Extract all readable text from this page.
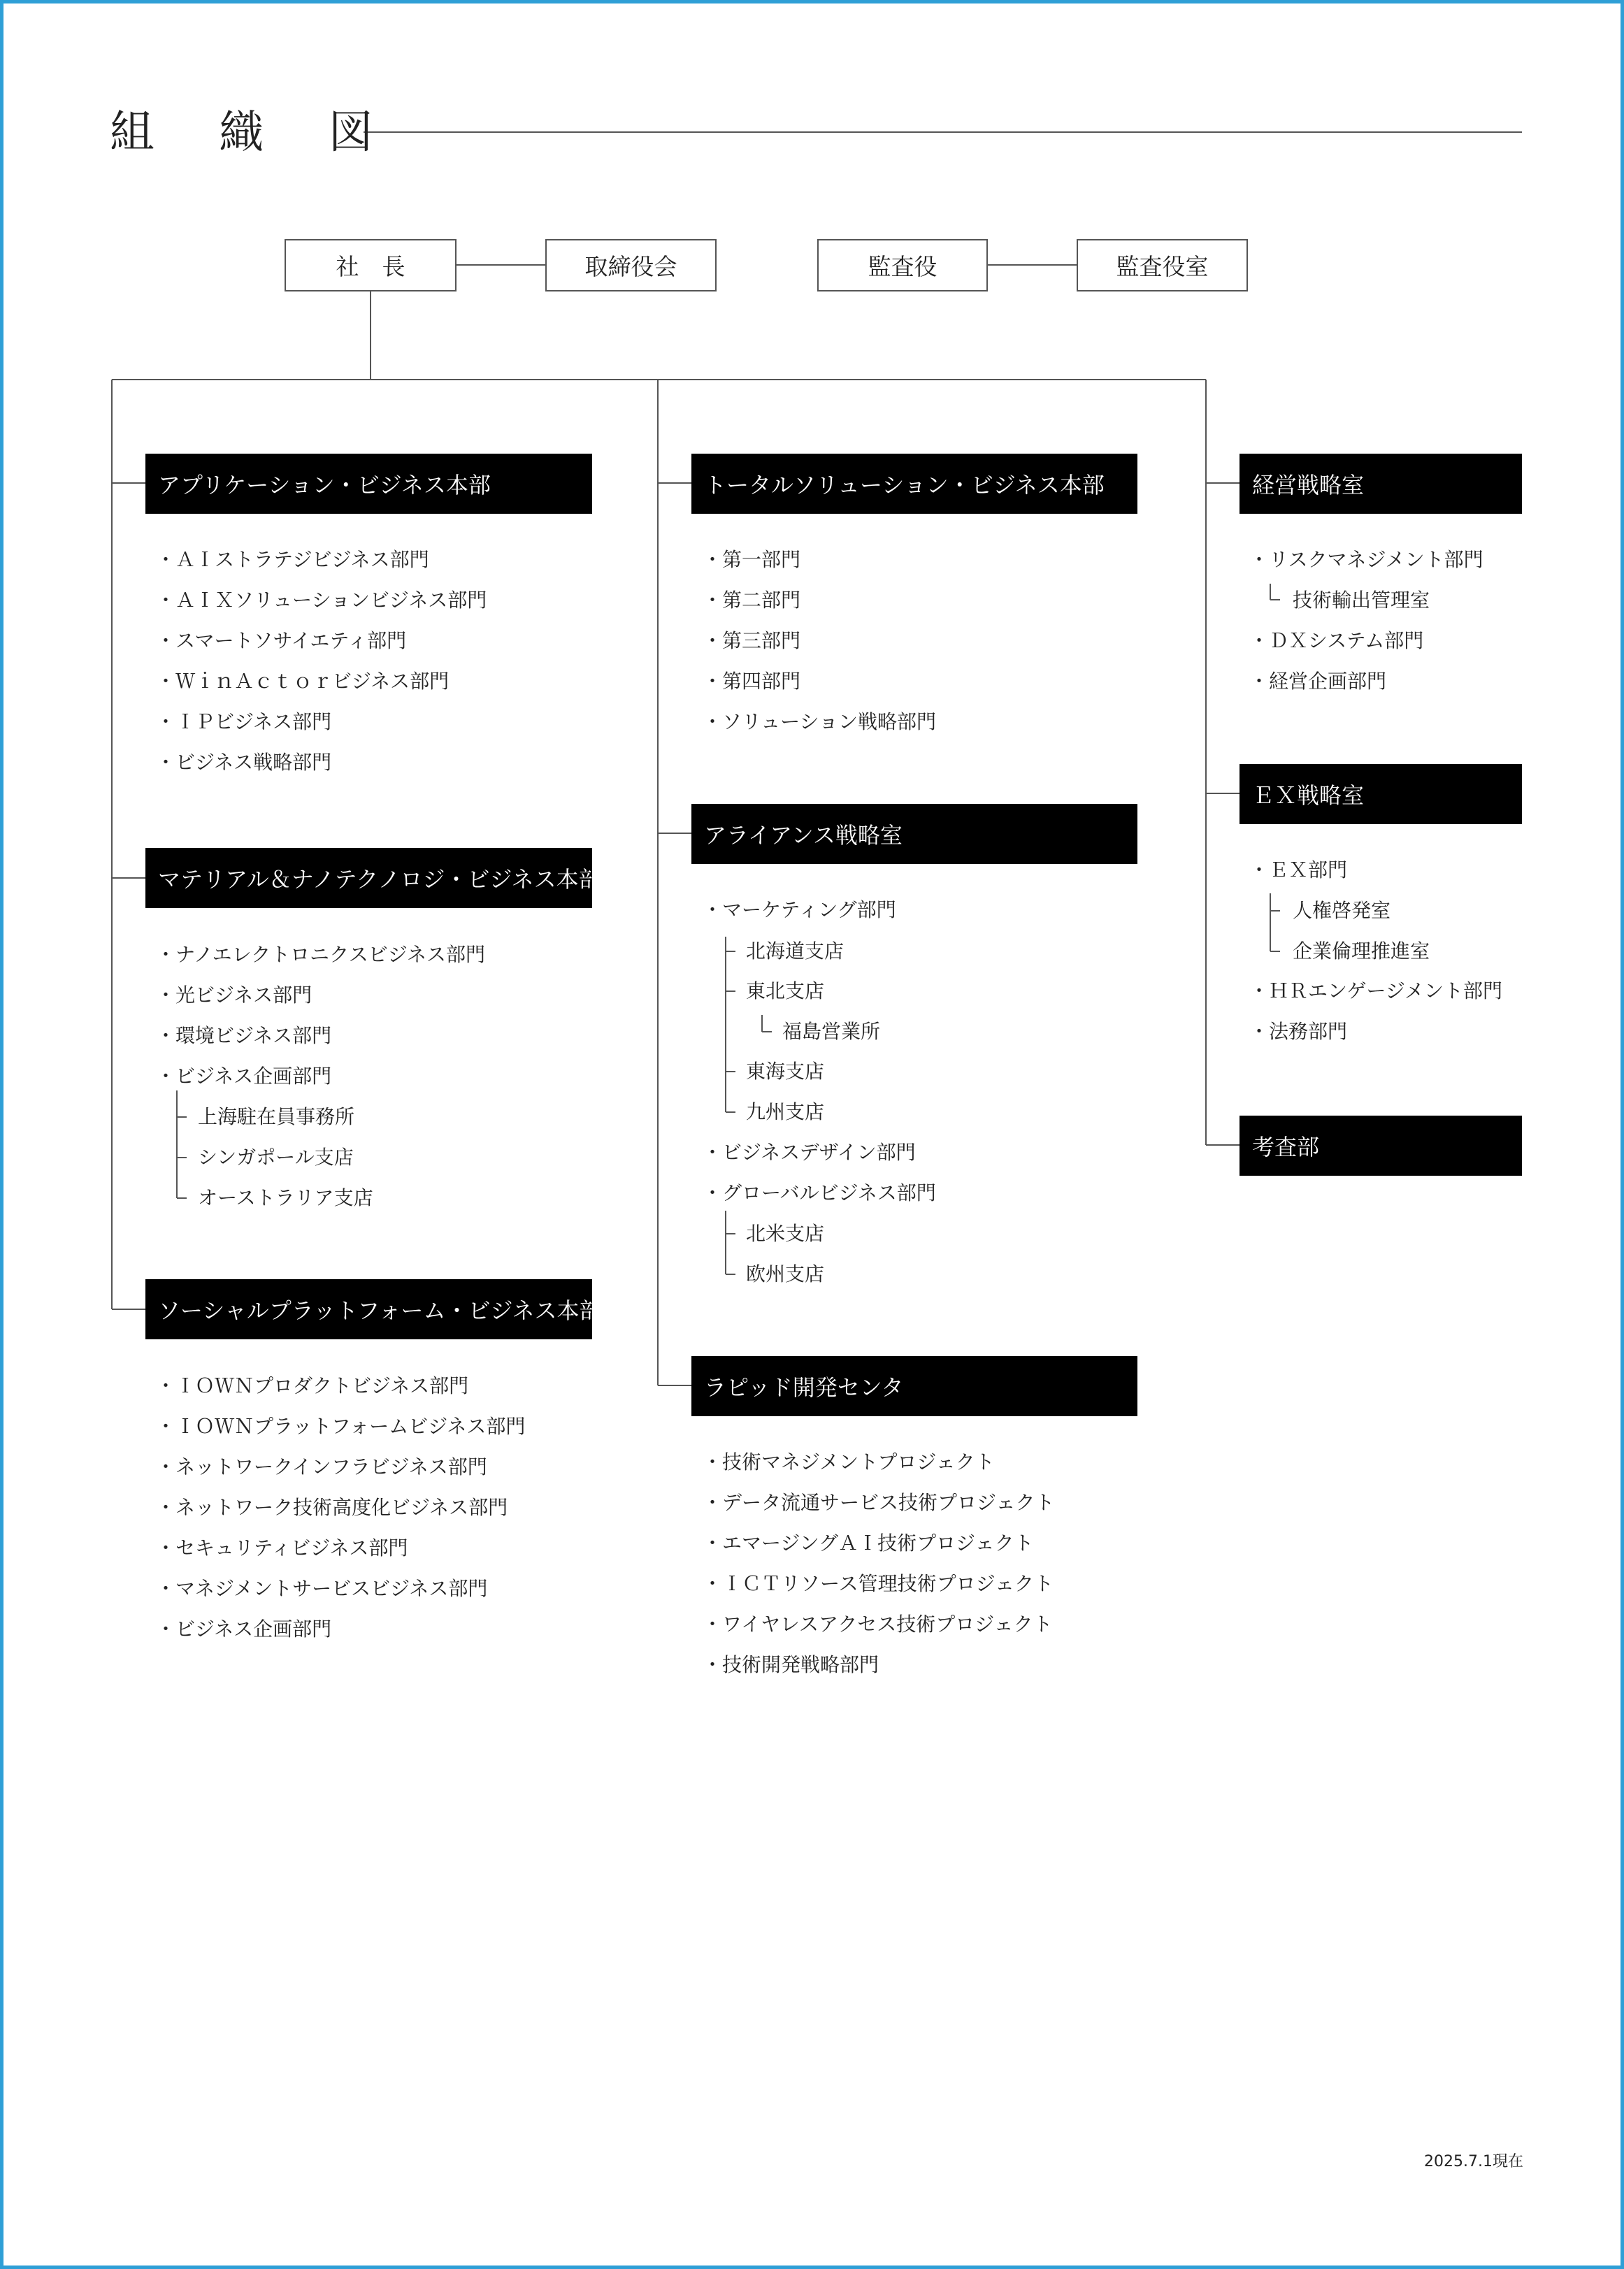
組 織 図
社　長	取締役会	監査役	監査役室
アプリケーション・ビジネス本部
・ＡＩストラテジビジネス部門
・ＡＩＸソリューションビジネス部門
・スマートソサイエティ部門
・ＷｉｎＡｃｔｏｒビジネス部門
・ＩＰビジネス部門
・ビジネス戦略部門
マテリアル＆ナノテクノロジ・ビジネス本部
・ナノエレクトロニクスビジネス部門
・光ビジネス部門
・環境ビジネス部門
・ビジネス企画部門
上海駐在員事務所
シンガポール支店
オーストラリア支店
ソーシャルプラットフォーム・ビジネス本部
・ＩＯＷＮプロダクトビジネス部門
・ＩＯＷＮプラットフォームビジネス部門
・ネットワークインフラビジネス部門
・ネットワーク技術高度化ビジネス部門
・セキュリティビジネス部門
・マネジメントサービスビジネス部門
・ビジネス企画部門
トータルソリューション・ビジネス本部
・第一部門
・第二部門
・第三部門
・第四部門
・ソリューション戦略部門
アライアンス戦略室
・マーケティング部門
北海道支店
東北支店
福島営業所
東海支店
九州支店
・ビジネスデザイン部門
・グローバルビジネス部門
北米支店
欧州支店
ラピッド開発センタ
・技術マネジメントプロジェクト
・データ流通サービス技術プロジェクト
・エマージングＡＩ技術プロジェクト
・ＩＣＴリソース管理技術プロジェクト
・ワイヤレスアクセス技術プロジェクト
・技術開発戦略部門
経営戦略室
・リスクマネジメント部門
技術輸出管理室
・ＤＸシステム部門
・経営企画部門
ＥＸ戦略室
・ＥＸ部門
人権啓発室
企業倫理推進室
・ＨＲエンゲージメント部門
・法務部門
考査部
2025.7.1現在
